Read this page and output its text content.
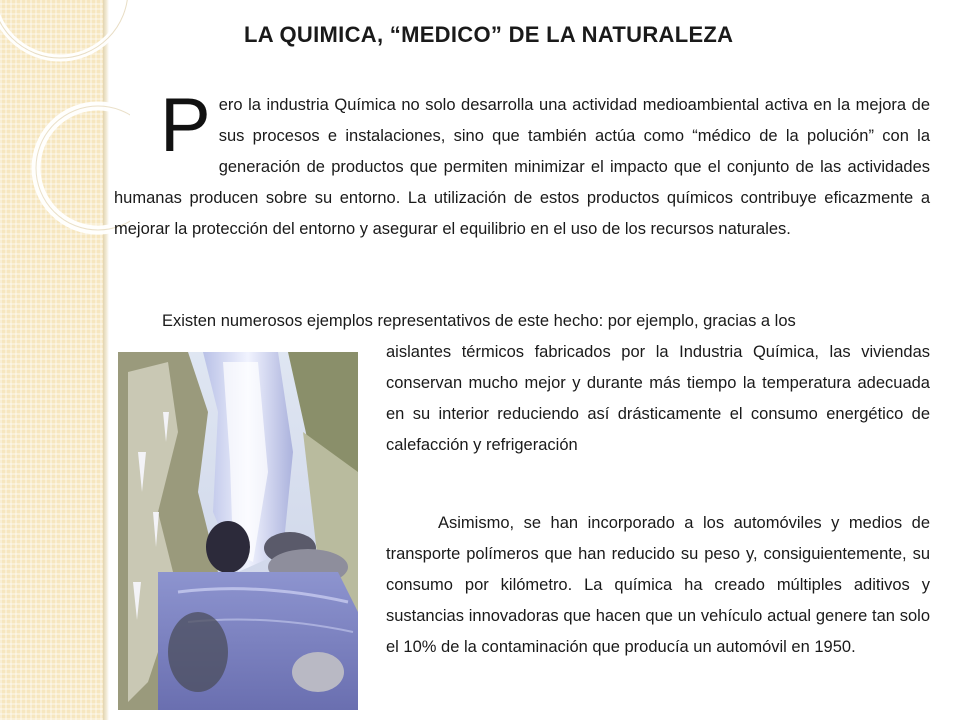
LA QUIMICA, “MEDICO” DE LA NATURALEZA
Pero la industria Química no solo desarrolla una actividad medioambiental activa en la mejora de sus procesos e instalaciones, sino que también actúa como “médico de la polución” con la generación de productos que permiten minimizar el impacto que el conjunto de las actividades humanas producen sobre su entorno. La utilización de estos productos químicos contribuye eficazmente a mejorar la protección del entorno y asegurar el equilibrio en el uso de los recursos naturales.
Existen numerosos ejemplos representativos de este hecho: por ejemplo, gracias a los
aislantes térmicos fabricados por la Industria Química, las viviendas conservan mucho mejor y durante más tiempo la temperatura adecuada en su interior reduciendo así drásticamente el consumo energético de calefacción y refrigeración
Asimismo, se han incorporado a los automóviles y medios de transporte polímeros que han reducido su peso y, consiguientemente, su consumo por kilómetro. La química ha creado múltiples aditivos y sustancias innovadoras que hacen que un vehículo actual genere tan solo el 10% de la contaminación que producía un automóvil en 1950.
